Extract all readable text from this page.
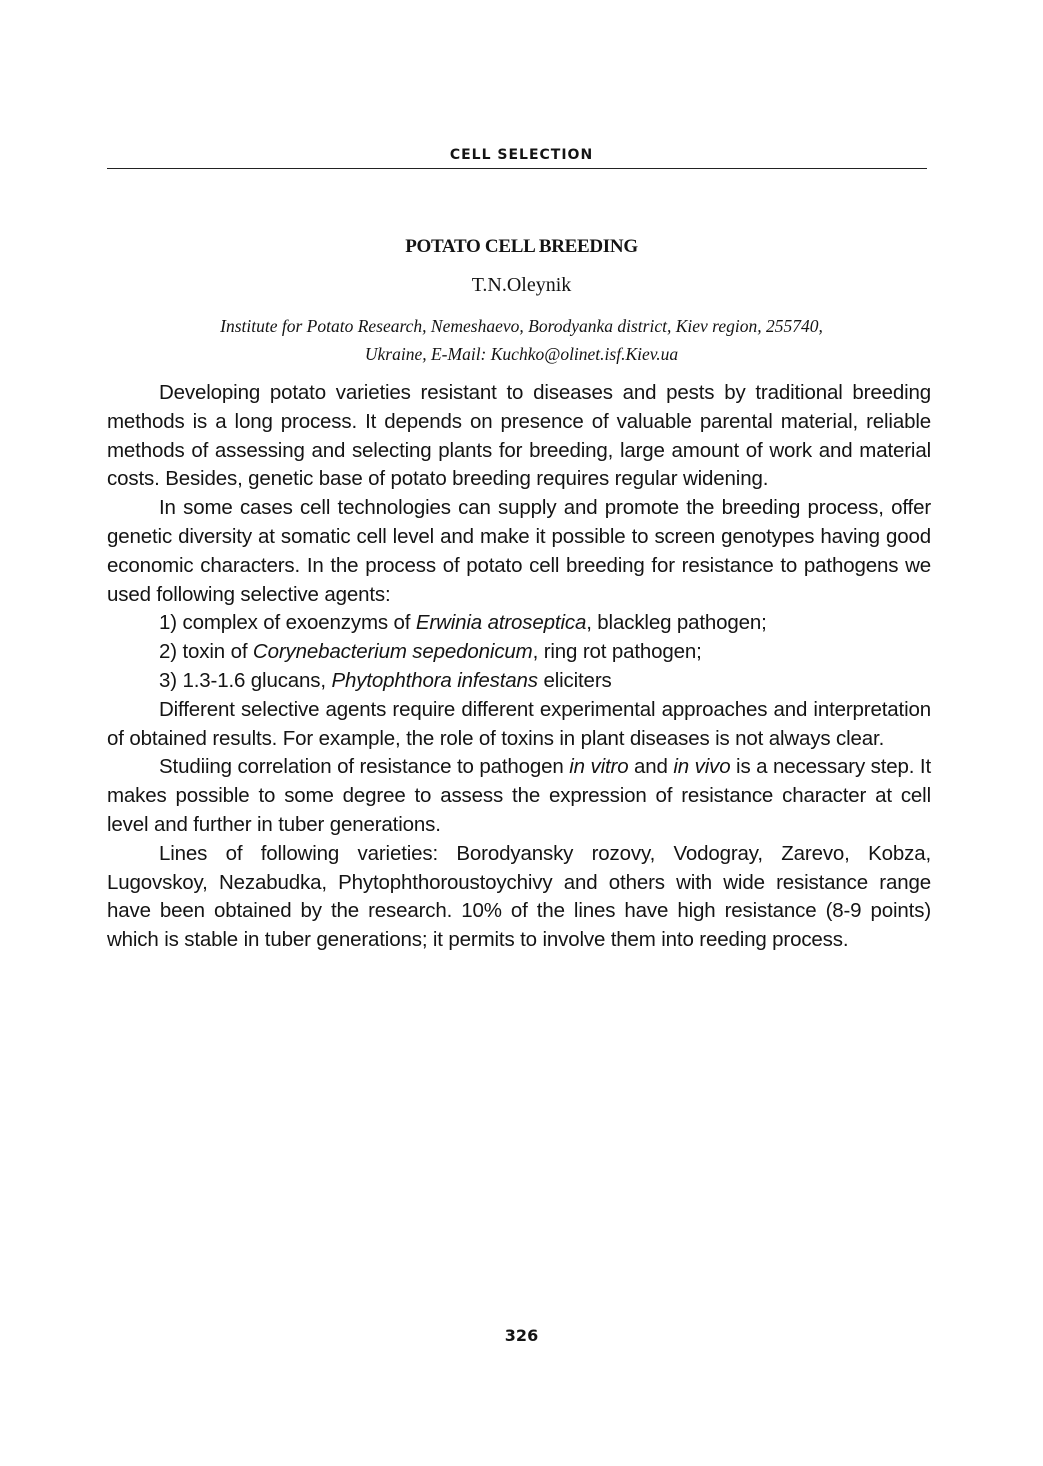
CELL SELECTION
POTATO CELL BREEDING
T.N.Oleynik
Institute for Potato Research, Nemeshaevo, Borodyanka district, Kiev region, 255740,
Ukraine, E-Mail: Kuchko@olinet.isf.Kiev.ua

Developing potato varieties resistant to diseases and pests by traditional breeding methods is a long process. It depends on presence of valuable parental material, reliable methods of assessing and selecting plants for breeding, large amount of work and material costs. Besides, genetic base of potato breeding requires regular widening.

In some cases cell technologies can supply and promote the breeding process, offer genetic diversity at somatic cell level and make it possible to screen genotypes having good economic characters. In the process of potato cell breeding for resistance to pathogens we used following selective agents:

1) complex of exoenzyms of Erwinia atroseptica, blackleg pathogen;

2) toxin of Corynebacterium sepedonicum, ring rot pathogen;

3) 1.3-1.6 glucans, Phytophthora infestans eliciters

Different selective agents require different experimental approaches and interpretation of obtained results. For example, the role of toxins in plant diseases is not always clear.

Studiing correlation of resistance to pathogen in vitro and in vivo is a necessary step. It makes possible to some degree to assess the expression of resistance character at cell level and further in tuber generations.

Lines of following varieties: Borodyansky rozovy, Vodogray, Zarevo, Kobza, Lugovskoy, Nezabudka, Phytophthoroustoychivy and others with wide resistance range have been obtained by the research. 10% of the lines have high resistance (8-9 points) which is stable in tuber generations; it permits to involve them into reeding process.

326
